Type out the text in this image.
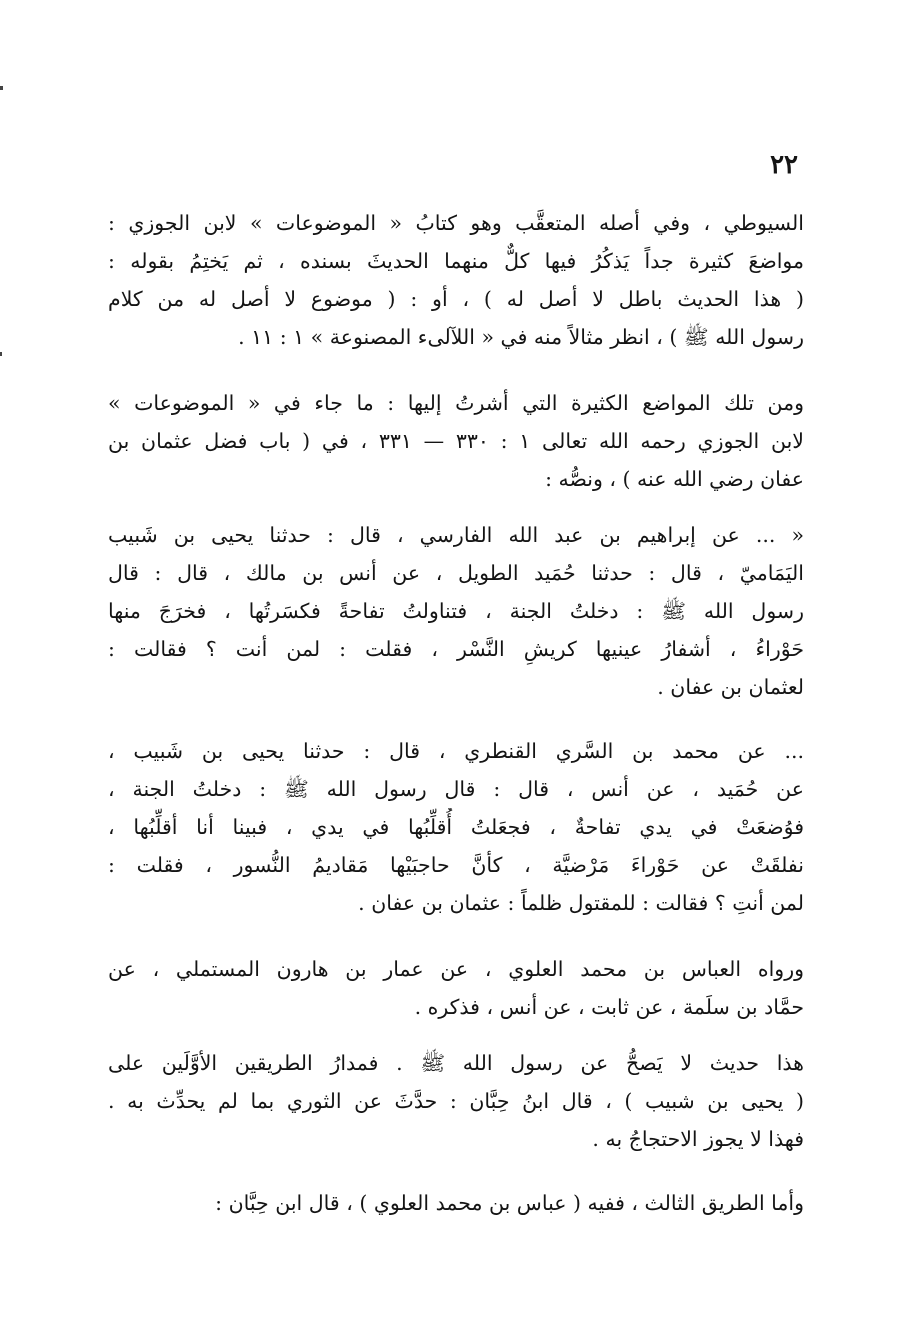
٢٢
السيوطي ، وفي أصله المتعقَّب وهو كتابُ « الموضوعات » لابن الجوزي :
مواضعَ كثيرة جداً يَذكُرُ فيها كلٌّ منهما الحديثَ بسنده ، ثم يَختِمُ بقوله :
( هذا الحديث باطل لا أصل له ) ، أو : ( موضوع لا أصل له من كلام
رسول الله ﷺ ) ، انظر مثالاً منه في « اللآلىء المصنوعة » ١ : ١١ .
ومن تلك المواضع الكثيرة التي أشرتُ إليها : ما جاء في « الموضوعات »
لابن الجوزي رحمه الله تعالى ١ : ٣٣٠ — ٣٣١ ، في ( باب فضل عثمان بن
عفان رضي الله عنه ) ، ونصُّه :
« ... عن إبراهيم بن عبد الله الفارسي ، قال : حدثنا يحيى بن شَبيب
اليَمَاميّ ، قال : حدثنا حُمَيد الطويل ، عن أنس بن مالك ، قال : قال
رسول الله ﷺ : دخلتُ الجنة ، فتناولتُ تفاحةً فكسَرتُها ، فخرَجَ منها
حَوْراءُ ، أشفارُ عينيها كريشِ النَّسْر ، فقلت : لمن أنت ؟ فقالت :
لعثمان بن عفان .
... عن محمد بن السَّري القنطري ، قال : حدثنا يحيى بن شَبيب ،
عن حُمَيد ، عن أنس ، قال : قال رسول الله ﷺ : دخلتُ الجنة ،
فوُضعَتْ في يدي تفاحةٌ ، فجعَلتُ أُقلِّبُها في يدي ، فبينا أنا أقلِّبُها ،
نفلقَتْ عن حَوْراءَ مَرْضيَّة ، كأنَّ حاجبَيْها مَقاديمُ النُّسور ، فقلت :
لمن أنتِ ؟ فقالت : للمقتول ظلماً : عثمان بن عفان .
ورواه العباس بن محمد العلوي ، عن عمار بن هارون المستملي ، عن
حمَّاد بن سلَمة ، عن ثابت ، عن أنس ، فذكره .
هذا حديث لا يَصحُّ عن رسول الله ﷺ . فمدارُ الطريقين الأوَّلَين على
( يحيى بن شبيب ) ، قال ابنُ حِبَّان : حدَّثَ عن الثوري بما لم يحدِّث به .
فهذا لا يجوز الاحتجاجُ به .
وأما الطريق الثالث ، ففيه ( عباس بن محمد العلوي ) ، قال ابن حِبَّان :
